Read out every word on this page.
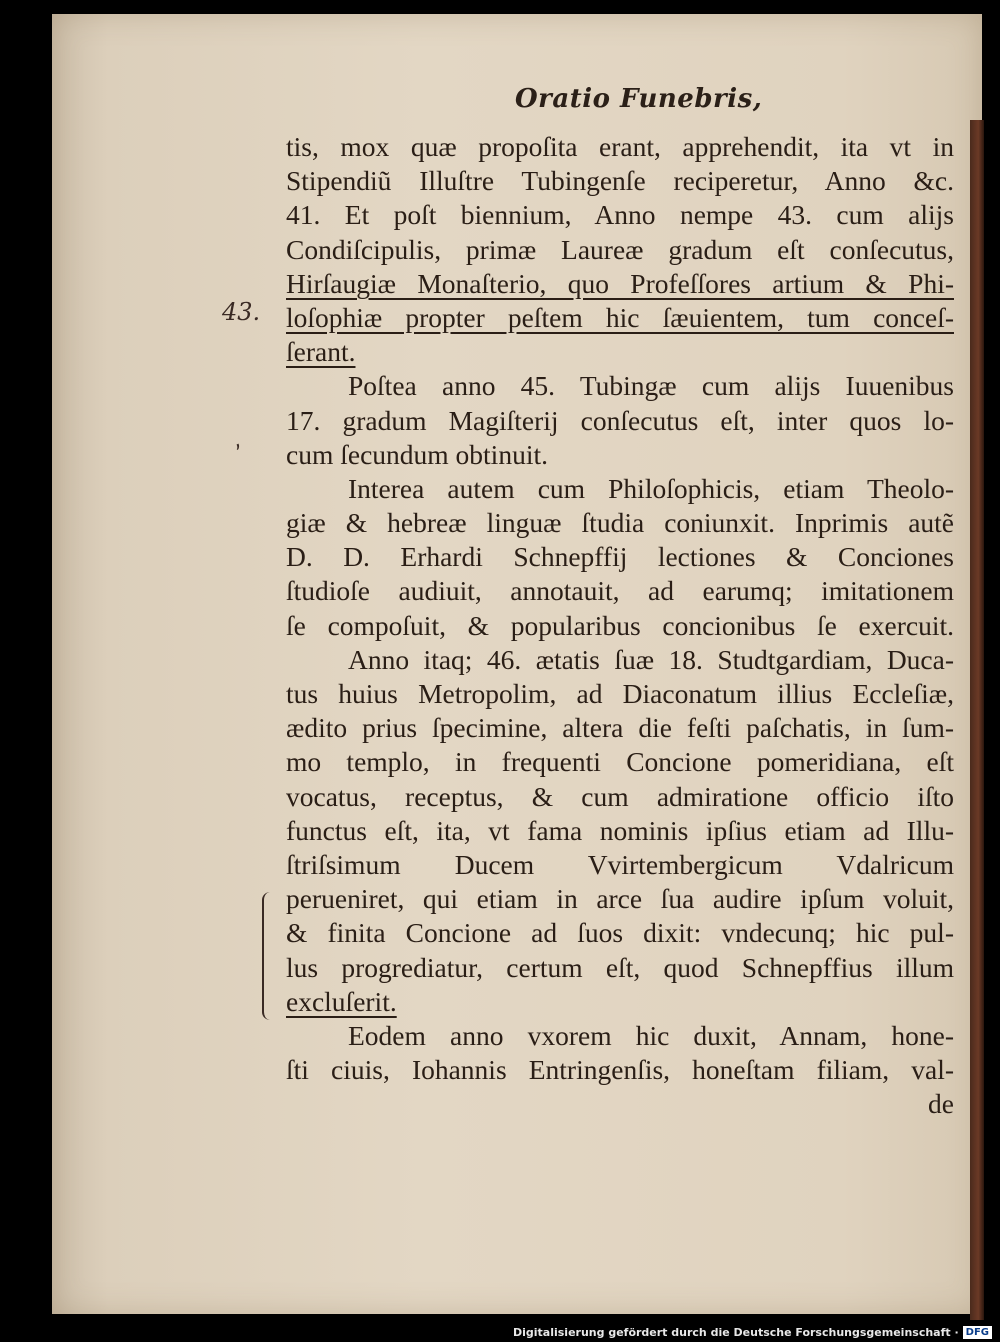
Oratio Funebris,
43.
,
tis, mox quæ propoſita erant, apprehendit, ita vt in
Stipendiũ Illuſtre Tubingenſe reciperetur, Anno &c.
41. Et poſt biennium, Anno nempe 43. cum alijs
Condiſcipulis, primæ Laureæ gradum eſt conſecutus,
Hirſaugiæ Monaſterio, quo Profeſſores artium & Phi-
loſophiæ propter peſtem hic ſæuientem, tum conceſ-
ſerant.
Poſtea anno 45. Tubingæ cum alijs Iuuenibus
17. gradum Magiſterij conſecutus eſt, inter quos lo-
cum ſecundum obtinuit.
Interea autem cum Philoſophicis, etiam Theolo-
giæ & hebreæ linguæ ſtudia coniunxit. Inprimis autẽ
D. D. Erhardi Schnepffij lectiones & Conciones
ſtudioſe audiuit, annotauit, ad earumq; imitationem
ſe compoſuit, & popularibus concionibus ſe exercuit.
Anno itaq; 46. ætatis ſuæ 18. Studtgardiam, Duca-
tus huius Metropolim, ad Diaconatum illius Eccleſiæ,
ædito prius ſpecimine, altera die feſti paſchatis, in ſum-
mo templo, in frequenti Concione pomeridiana, eſt
vocatus, receptus, & cum admiratione officio iſto
functus eſt, ita, vt fama nominis ipſius etiam ad Illu-
ſtriſsimum Ducem Vvirtembergicum Vdalricum
perueniret, qui etiam in arce ſua audire ipſum voluit,
& finita Concione ad ſuos dixit: vndecunq; hic pul-
lus progrediatur, certum eſt, quod Schnepffius illum
excluſerit.
Eodem anno vxorem hic duxit, Annam, hone-
ſti ciuis, Iohannis Entringenſis, honeſtam filiam, val-
de
Digitalisierung gefördert durch die Deutsche Forschungsgemeinschaft · DFG
